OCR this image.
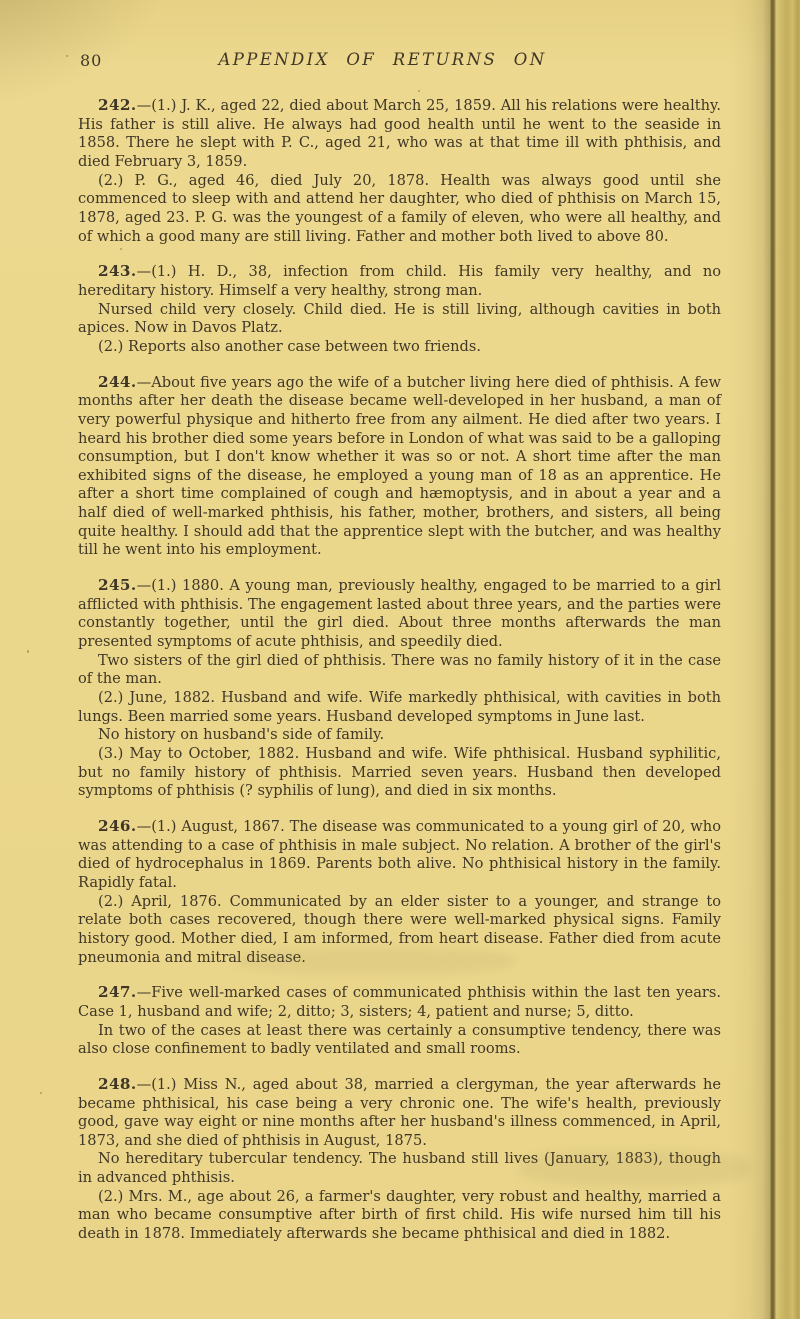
80	APPENDIX OF RETURNS ON

242.—(1.) J. K., aged 22, died about March 25, 1859. All his relations were healthy. His father is still alive. He always had good health until he went to the seaside in 1858. There he slept with P. C., aged 21, who was at that time ill with phthisis, and died February 3, 1859.

(2.) P. G., aged 46, died July 20, 1878. Health was always good until she commenced to sleep with and attend her daughter, who died of phthisis on March 15, 1878, aged 23. P. G. was the youngest of a family of eleven, who were all healthy, and of which a good many are still living. Father and mother both lived to above 80.

243.—(1.) H. D., 38, infection from child. His family very healthy, and no hereditary history. Himself a very healthy, strong man.

Nursed child very closely. Child died. He is still living, although cavities in both apices. Now in Davos Platz.

(2.) Reports also another case between two friends.

244.—About five years ago the wife of a butcher living here died of phthisis. A few months after her death the disease became well-developed in her husband, a man of very powerful physique and hitherto free from any ailment. He died after two years. I heard his brother died some years before in London of what was said to be a galloping consumption, but I don't know whether it was so or not. A short time after the man exhibited signs of the disease, he employed a young man of 18 as an apprentice. He after a short time complained of cough and hæmoptysis, and in about a year and a half died of well-marked phthisis, his father, mother, brothers, and sisters, all being quite healthy. I should add that the apprentice slept with the butcher, and was healthy till he went into his employment.

245.—(1.) 1880. A young man, previously healthy, engaged to be married to a girl afflicted with phthisis. The engagement lasted about three years, and the parties were constantly together, until the girl died. About three months afterwards the man presented symptoms of acute phthisis, and speedily died.

Two sisters of the girl died of phthisis. There was no family history of it in the case of the man.

(2.) June, 1882. Husband and wife. Wife markedly phthisical, with cavities in both lungs. Been married some years. Husband developed symptoms in June last.

No history on husband's side of family.

(3.) May to October, 1882. Husband and wife. Wife phthisical. Husband syphilitic, but no family history of phthisis. Married seven years. Husband then developed symptoms of phthisis (? syphilis of lung), and died in six months.

246.—(1.) August, 1867. The disease was communicated to a young girl of 20, who was attending to a case of phthisis in male subject. No relation. A brother of the girl's died of hydrocephalus in 1869. Parents both alive. No phthisical history in the family. Rapidly fatal.

(2.) April, 1876. Communicated by an elder sister to a younger, and strange to relate both cases recovered, though there were well-marked physical signs. Family history good. Mother died, I am informed, from heart disease. Father died from acute pneumonia and mitral disease.

247.—Five well-marked cases of communicated phthisis within the last ten years. Case 1, husband and wife; 2, ditto; 3, sisters; 4, patient and nurse; 5, ditto.

In two of the cases at least there was certainly a consumptive tendency, there was also close confinement to badly ventilated and small rooms.

248.—(1.) Miss N., aged about 38, married a clergyman, the year afterwards he became phthisical, his case being a very chronic one. The wife's health, previously good, gave way eight or nine months after her husband's illness commenced, in April, 1873, and she died of phthisis in August, 1875.

No hereditary tubercular tendency. The husband still lives (January, 1883), though in advanced phthisis.

(2.) Mrs. M., age about 26, a farmer's daughter, very robust and healthy, married a man who became consumptive after birth of first child. His wife nursed him till his death in 1878. Immediately afterwards she became phthisical and died in 1882.
